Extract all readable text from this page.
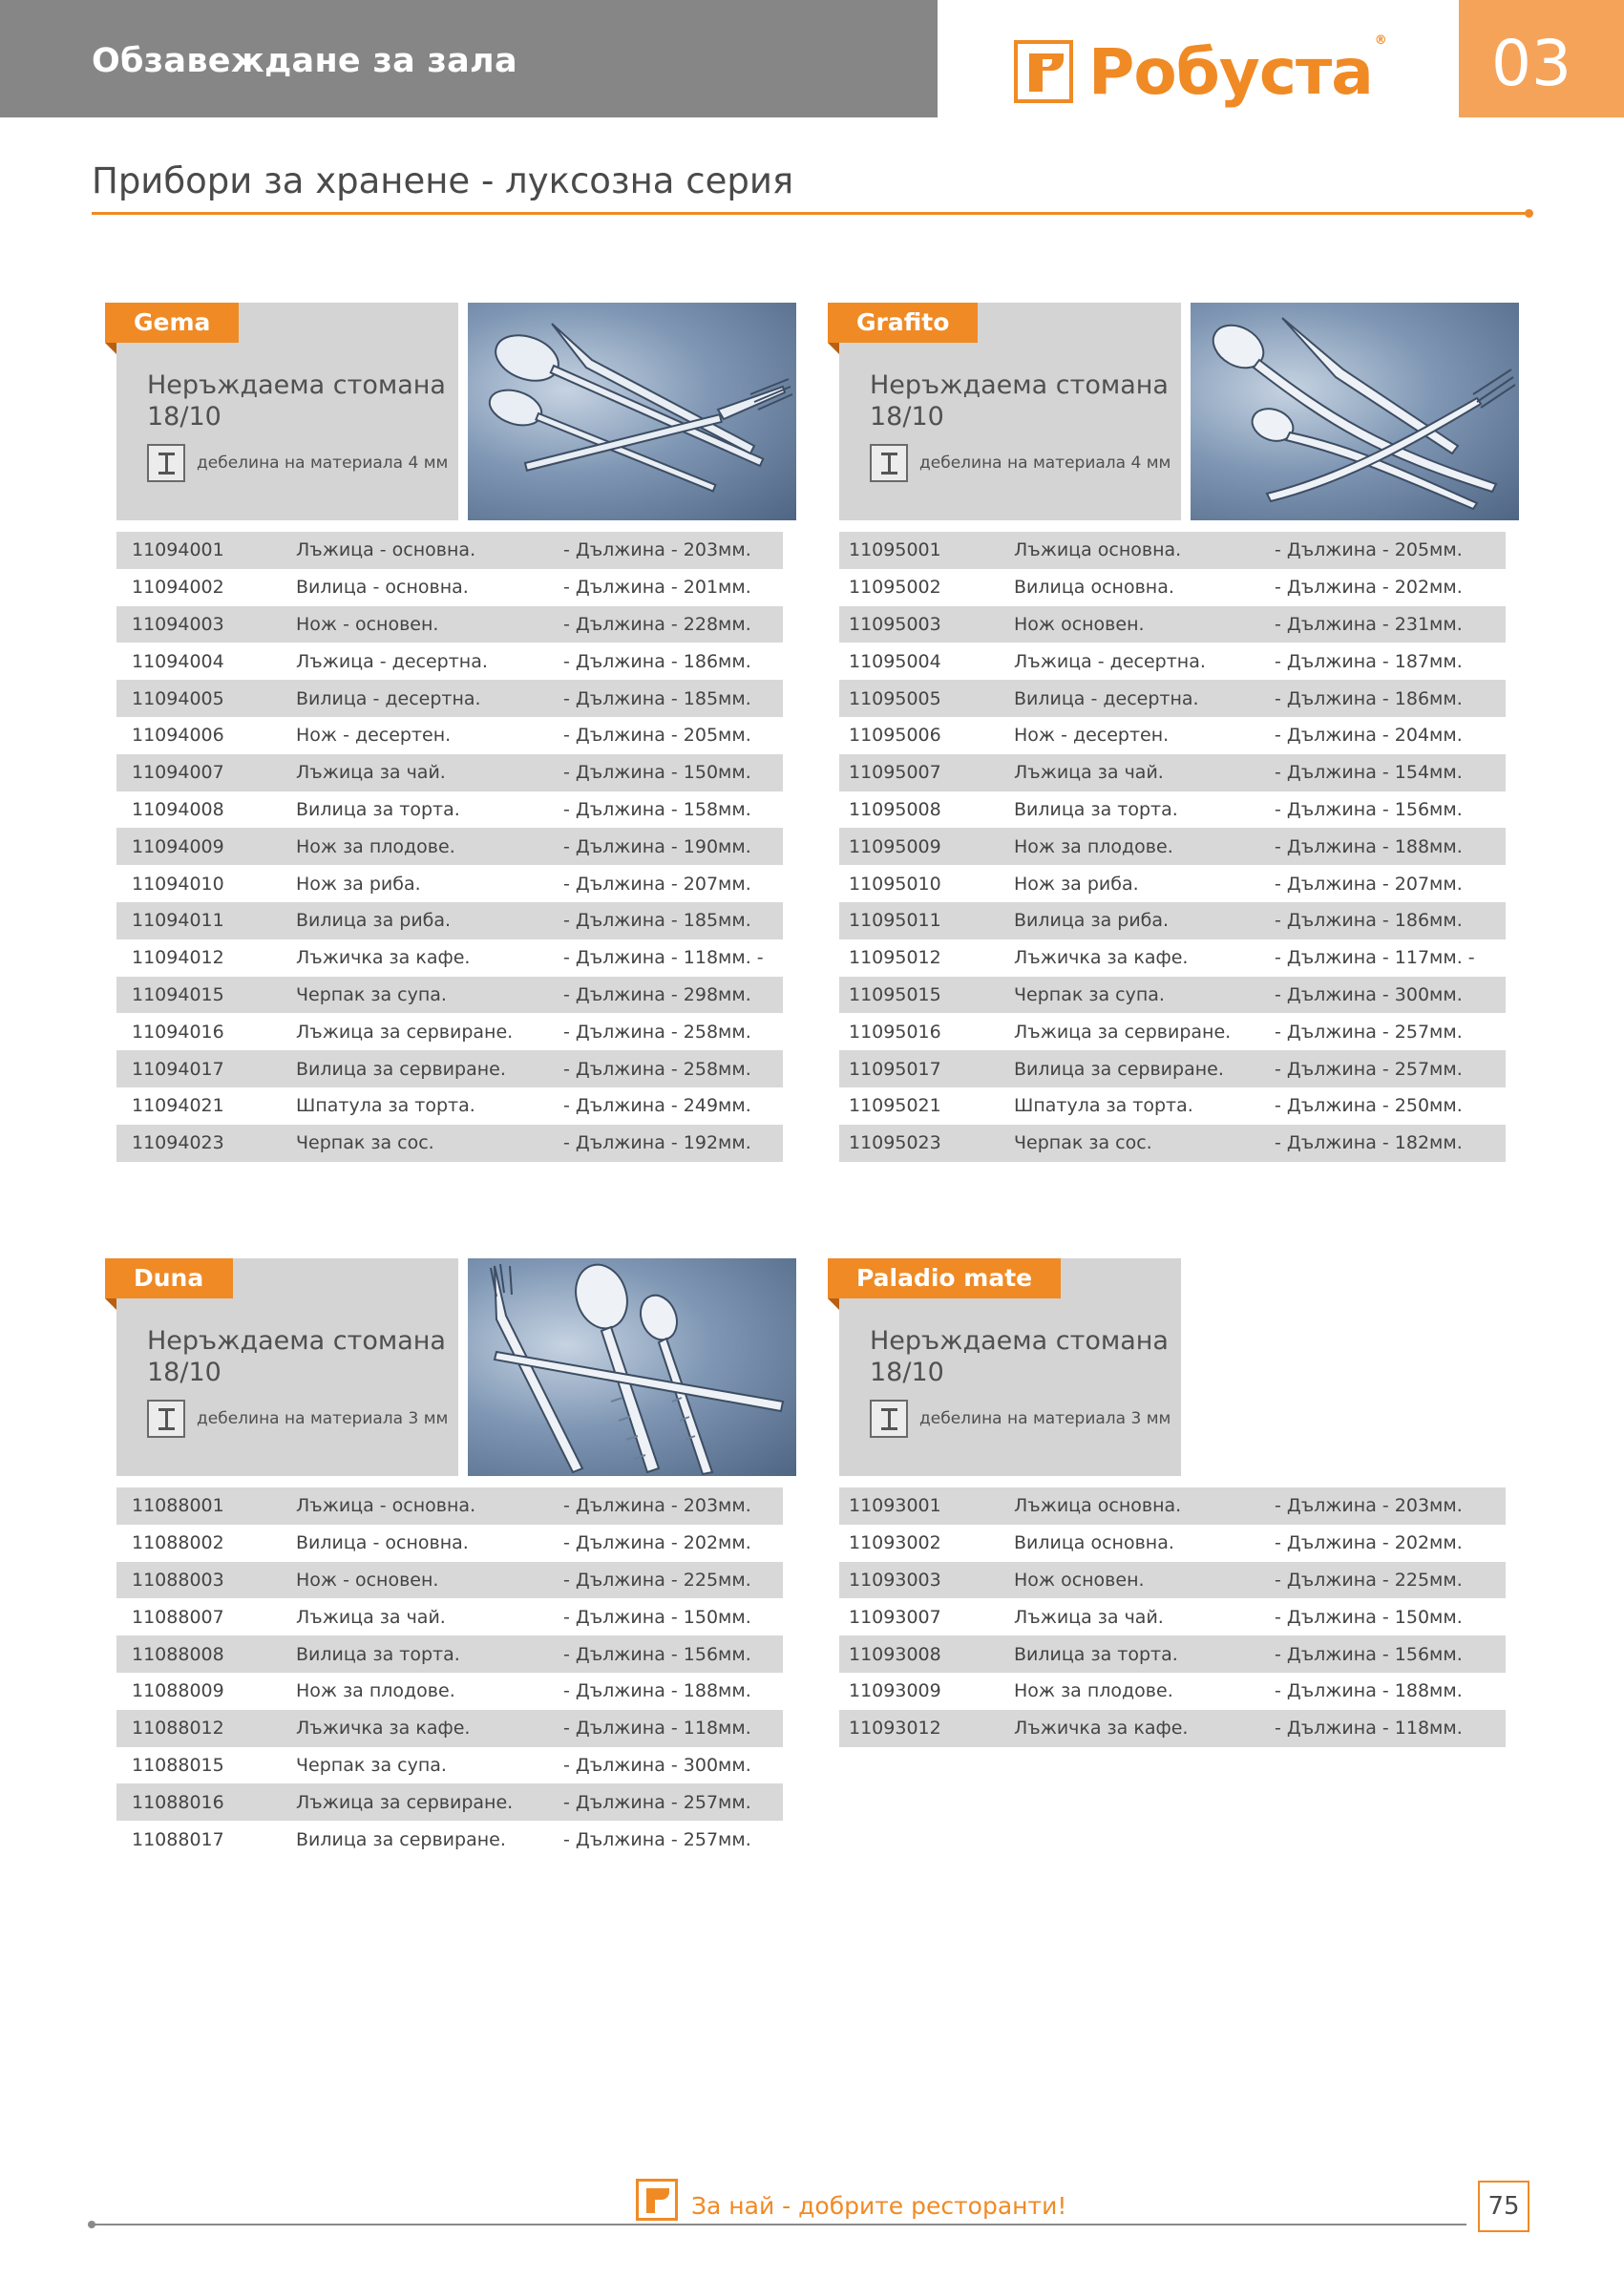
Обзавеждане за зала	Робуста ® 03
Прибори за хранене - луксозна серия
Gema
Неръждаема стомана
18/10
дебелина на материала 4 мм
11094001	Лъжица - основна.	- Дължина - 203мм.
11094002	Вилица - основна.	- Дължина - 201мм.
11094003	Нож - основен.	- Дължина - 228мм.
11094004	Лъжица - десертна.	- Дължина - 186мм.
11094005	Вилица - десертна.	- Дължина - 185мм.
11094006	Нож - десертен.	- Дължина - 205мм.
11094007	Лъжица за чай.	- Дължина - 150мм.
11094008	Вилица за торта.	- Дължина - 158мм.
11094009	Нож за плодове.	- Дължина - 190мм.
11094010	Нож за риба.	- Дължина - 207мм.
11094011	Вилица за риба.	- Дължина - 185мм.
11094012	Лъжичка за кафе.	- Дължина - 118мм. -
11094015	Черпак за супа.	- Дължина - 298мм.
11094016	Лъжица за сервиране.	- Дължина - 258мм.
11094017	Вилица за сервиране.	- Дължина - 258мм.
11094021	Шпатула за торта.	- Дължина - 249мм.
11094023	Черпак за сос.	- Дължина - 192мм.
Grafito
Неръждаема стомана
18/10
дебелина на материала 4 мм
11095001	Лъжица основна.	- Дължина - 205мм.
11095002	Вилица основна.	- Дължина - 202мм.
11095003	Нож основен.	- Дължина - 231мм.
11095004	Лъжица - десертна.	- Дължина - 187мм.
11095005	Вилица - десертна.	- Дължина - 186мм.
11095006	Нож - десертен.	- Дължина - 204мм.
11095007	Лъжица за чай.	- Дължина - 154мм.
11095008	Вилица за торта.	- Дължина - 156мм.
11095009	Нож за плодове.	- Дължина - 188мм.
11095010	Нож за риба.	- Дължина - 207мм.
11095011	Вилица за риба.	- Дължина - 186мм.
11095012	Лъжичка за кафе.	- Дължина - 117мм. -
11095015	Черпак за супа.	- Дължина - 300мм.
11095016	Лъжица за сервиране.	- Дължина - 257мм.
11095017	Вилица за сервиране.	- Дължина - 257мм.
11095021	Шпатула за торта.	- Дължина - 250мм.
11095023	Черпак за сос.	- Дължина - 182мм.
Duna
Неръждаема стомана
18/10
дебелина на материала 3 мм
11088001	Лъжица - основна.	- Дължина - 203мм.
11088002	Вилица - основна.	- Дължина - 202мм.
11088003	Нож - основен.	- Дължина - 225мм.
11088007	Лъжица за чай.	- Дължина - 150мм.
11088008	Вилица за торта.	- Дължина - 156мм.
11088009	Нож за плодове.	- Дължина - 188мм.
11088012	Лъжичка за кафе.	- Дължина - 118мм.
11088015	Черпак за супа.	- Дължина - 300мм.
11088016	Лъжица за сервиране.	- Дължина - 257мм.
11088017	Вилица за сервиране.	- Дължина - 257мм.
Paladio mate
Неръждаема стомана
18/10
дебелина на материала 3 мм
11093001	Лъжица основна.	- Дължина - 203мм.
11093002	Вилица основна.	- Дължина - 202мм.
11093003	Нож основен.	- Дължина - 225мм.
11093007	Лъжица за чай.	- Дължина - 150мм.
11093008	Вилица за торта.	- Дължина - 156мм.
11093009	Нож за плодове.	- Дължина - 188мм.
11093012	Лъжичка за кафе.	- Дължина - 118мм.
За най - добрите ресторанти!	75
